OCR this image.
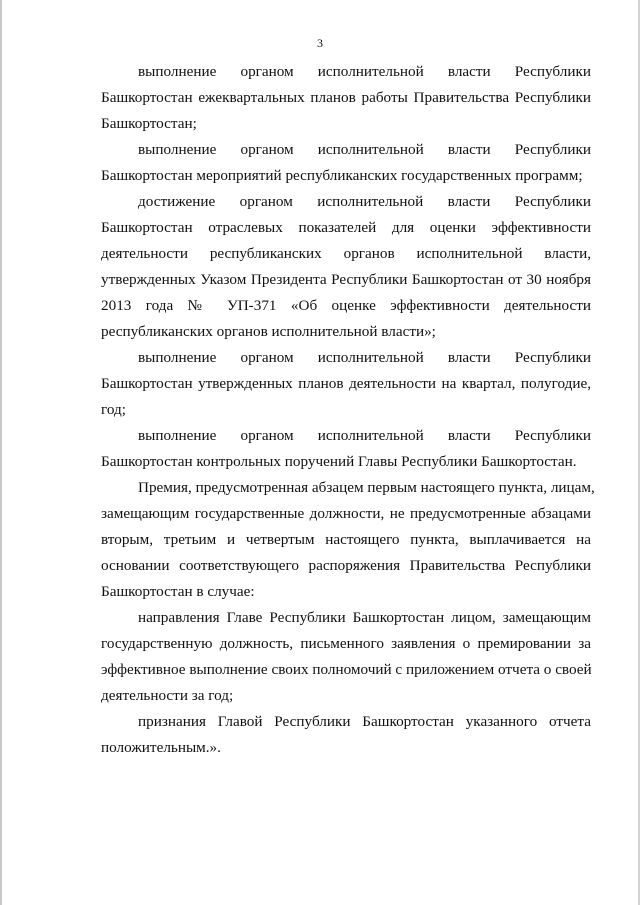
3
выполнение органом исполнительной власти Республики
Башкортостан ежеквартальных планов работы Правительства Республики
Башкортостан;
выполнение органом исполнительной власти Республики
Башкортостан мероприятий республиканских государственных программ;
достижение органом исполнительной власти Республики
Башкортостан отраслевых показателей для оценки эффективности
деятельности республиканских органов исполнительной власти,
утвержденных Указом Президента Республики Башкортостан от 30 ноября
2013 года № УП-371 «Об оценке эффективности деятельности
республиканских органов исполнительной власти»;
выполнение органом исполнительной власти Республики
Башкортостан утвержденных планов деятельности на квартал, полугодие,
год;
выполнение органом исполнительной власти Республики
Башкортостан контрольных поручений Главы Республики Башкортостан.
Премия, предусмотренная абзацем первым настоящего пункта, лицам,
замещающим государственные должности, не предусмотренные абзацами
вторым, третьим и четвертым настоящего пункта, выплачивается на
основании соответствующего распоряжения Правительства Республики
Башкортостан в случае:
направления Главе Республики Башкортостан лицом, замещающим
государственную должность, письменного заявления о премировании за
эффективное выполнение своих полномочий с приложением отчета о своей
деятельности за год;
признания Главой Республики Башкортостан указанного отчета
положительным.».
